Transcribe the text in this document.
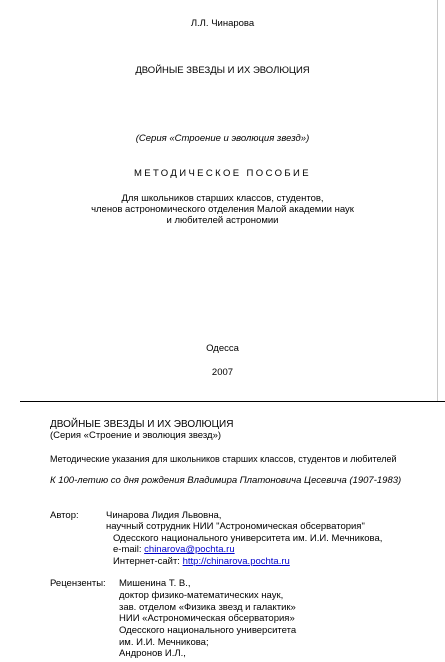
Л.Л. Чинарова
ДВОЙНЫЕ ЗВЕЗДЫ И ИХ ЭВОЛЮЦИЯ
(Серия «Строение и эволюция звезд»)
МЕТОДИЧЕСКОЕ ПОСОБИЕ
Для школьников старших классов, студентов,
членов астрономического отделения Малой академии наук
и любителей астрономии
Одесса
2007
ДВОЙНЫЕ ЗВЕЗДЫ И ИХ ЭВОЛЮЦИЯ
(Серия «Строение и эволюция звезд»)
Методические указания для школьников старших классов, студентов и любителей
К 100-летию со дня рождения Владимира Платоновича Цесевича (1907-1983)
Автор:	Чинарова Лидия Львовна,
научный сотрудник НИИ "Астрономическая обсерватория"
Одесского национального университета им. И.И. Мечникова,
e-mail: chinarova@pochta.ru
Интернет-сайт: http://chinarova.pochta.ru
Рецензенты: Мишенина Т. В.,
доктор физико-математических наук,
зав. отделом «Физика звезд и галактик»
НИИ «Астрономическая обсерватория»
Одесского национального университета
им. И.И. Мечникова;
Андронов И.Л.,
